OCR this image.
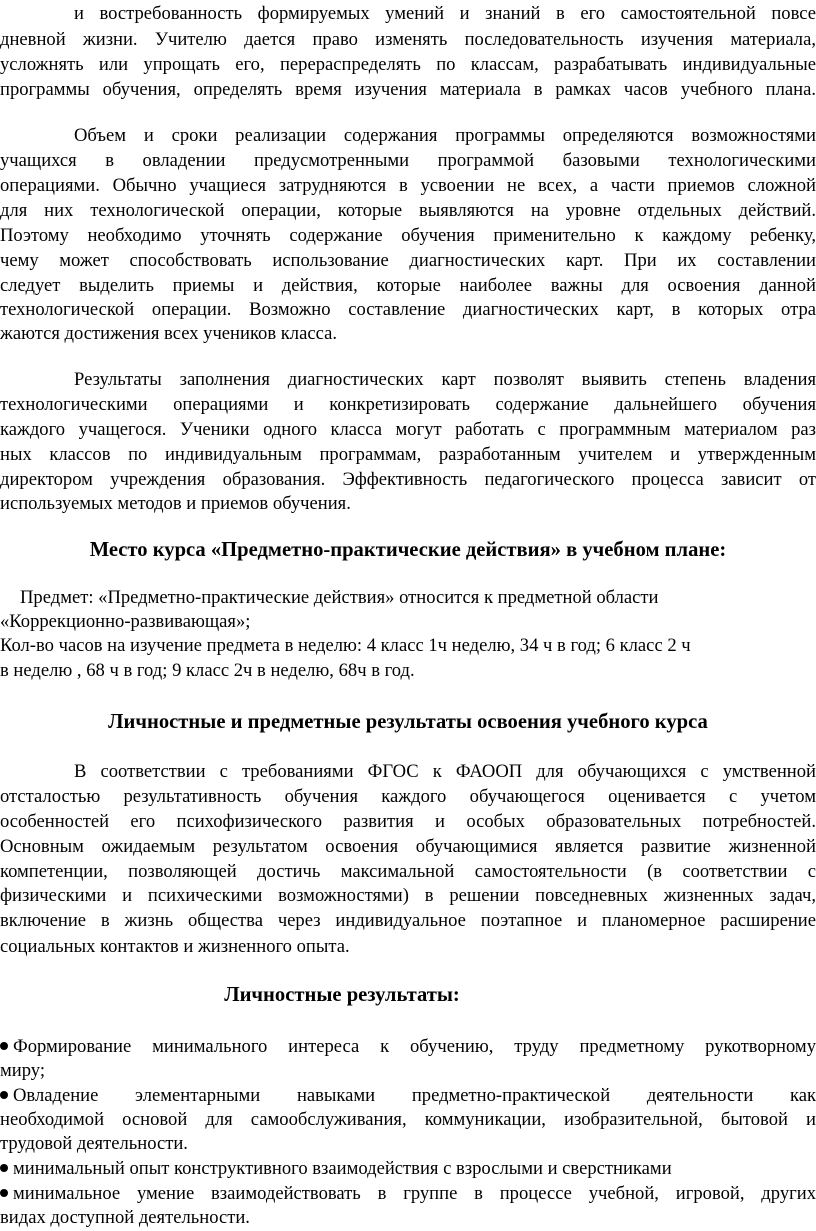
и востребованность формируемых умений и знаний в его самостоятельной повсе
дневной жизни. Учителю дается право изменять последовательность изучения материала,
усложнять или упрощать его, перераспределять по классам, разрабатывать индивидуальные
программы обучения, определять время изучения материала в рамках часов учебного плана.
Объем и сроки реализации содержания программы определяются возможностями
учащихся в овладении предусмотренными программой базовыми технологическими
операциями. Обычно учащиеся затрудняются в усвоении не всех, а части приемов сложной
для них технологической операции, которые выявляются на уровне отдельных действий.
Поэтому необходимо уточнять содержание обучения применительно к каждому ребенку,
чему может способствовать использование диагностических карт. При их составлении
следует выделить приемы и действия, которые наиболее важны для освоения данной
технологической операции. Возможно составление диагностических карт, в которых отра
жаются достижения всех учеников класса.
Результаты заполнения диагностических карт позволят выявить степень владения
технологическими операциями и конкретизировать содержание дальнейшего обучения
каждого учащегося. Ученики одного класса могут работать с программным материалом раз
ных классов по индивидуальным программам, разработанным учителем и утвержденным
директором учреждения образования. Эффективность педагогического процесса зависит от
используемых методов и приемов обучения.
Место курса «Предметно-практические действия» в учебном плане:
Предмет: «Предметно-практические действия» относится к предметной области
«Коррекционно-развивающая»;
Кол-во часов на изучение предмета в неделю: 4 класс 1ч неделю, 34 ч в год; 6 класс 2 ч
в неделю , 68 ч в год; 9 класс 2ч в неделю, 68ч в год.
Личностные и предметные результаты освоения учебного курса
В соответствии с требованиями ФГОС к ФАООП для обучающихся с умственной
отсталостью результативность обучения каждого обучающегося оценивается с учетом
особенностей его психофизического развития и особых образовательных потребностей.
Основным ожидаемым результатом освоения обучающимися является развитие жизненной
компетенции, позволяющей достичь максимальной самостоятельности (в соответствии с
физическими и психическими возможностями) в решении повседневных жизненных задач,
включение в жизнь общества через индивидуальное поэтапное и планомерное расширение
социальных контактов и жизненного опыта.
Личностные результаты:
Формирование минимального интереса к обучению, труду предметному рукотворному
миру;
Овладение элементарными навыками предметно-практической деятельности как
необходимой основой для самообслуживания, коммуникации, изобразительной, бытовой и
трудовой деятельности.
минимальный опыт конструктивного взаимодействия с взрослыми и сверстниками
минимальное умение взаимодействовать в группе в процессе учебной, игровой, других
видах доступной деятельности.
